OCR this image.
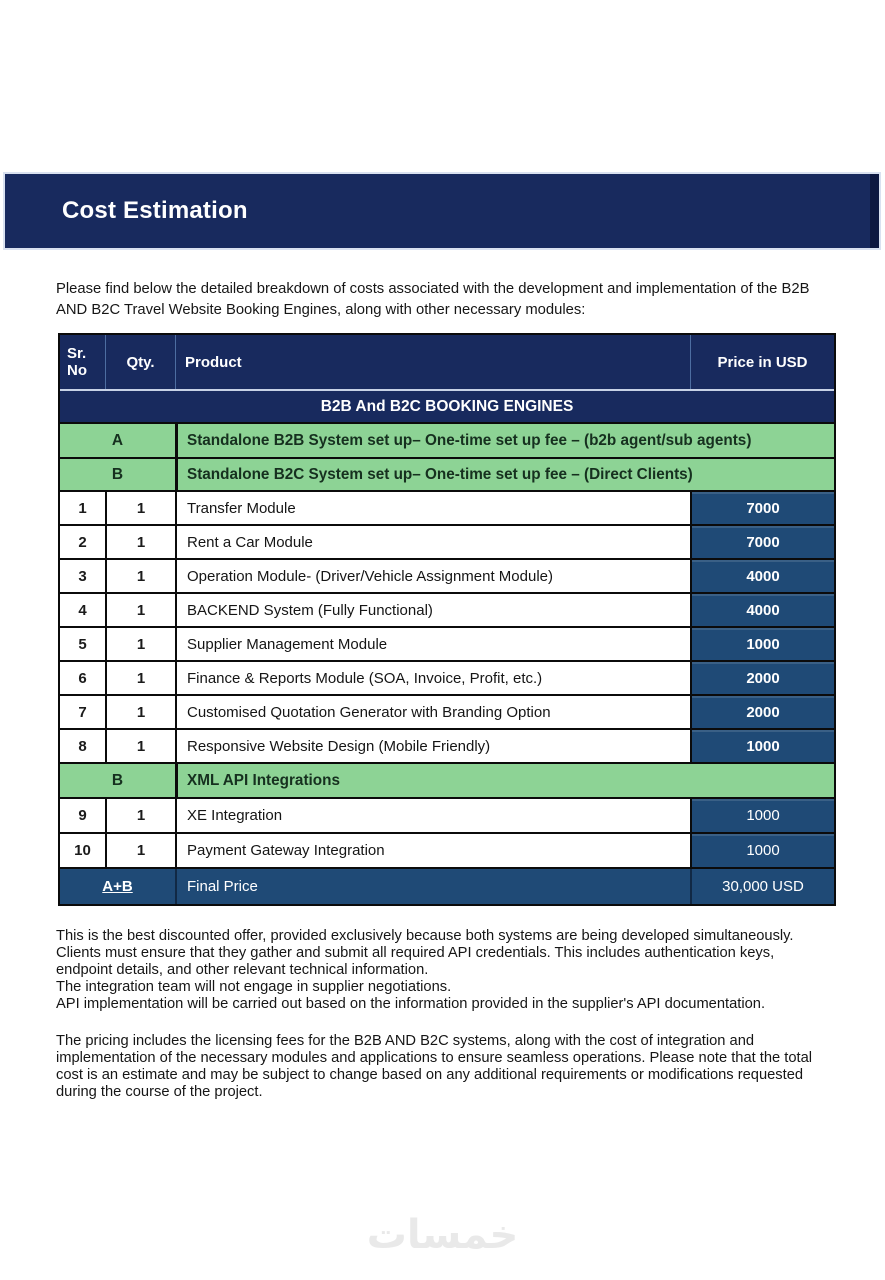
Cost Estimation
Please find below the detailed breakdown of costs associated with the development and implementation of the B2B
AND B2C Travel Website Booking Engines, along with other necessary modules:
Sr.
No	Qty.	Product	Price in USD
B2B And B2C BOOKING ENGINES
A	Standalone B2B System set up– One-time set up fee – (b2b agent/sub agents)
B	Standalone B2C System set up– One-time set up fee – (Direct Clients)
1	1	Transfer Module	7000
2	1	Rent a Car Module	7000
3	1	Operation Module- (Driver/Vehicle Assignment Module)	4000
4	1	BACKEND System (Fully Functional)	4000
5	1	Supplier Management Module	1000
6	1	Finance & Reports Module (SOA, Invoice, Profit, etc.)	2000
7	1	Customised Quotation Generator with Branding Option	2000
8	1	Responsive Website Design (Mobile Friendly)	1000
B	XML API Integrations
9	1	XE Integration	1000
10	1	Payment Gateway Integration	1000
A+B	Final Price	30,000 USD
This is the best discounted offer, provided exclusively because both systems are being developed simultaneously.
Clients must ensure that they gather and submit all required API credentials. This includes authentication keys,
endpoint details, and other relevant technical information.
The integration team will not engage in supplier negotiations.
API implementation will be carried out based on the information provided in the supplier's API documentation.
The pricing includes the licensing fees for the B2B AND B2C systems, along with the cost of integration and
implementation of the necessary modules and applications to ensure seamless operations. Please note that the total
cost is an estimate and may be subject to change based on any additional requirements or modifications requested
during the course of the project.
خمسات
